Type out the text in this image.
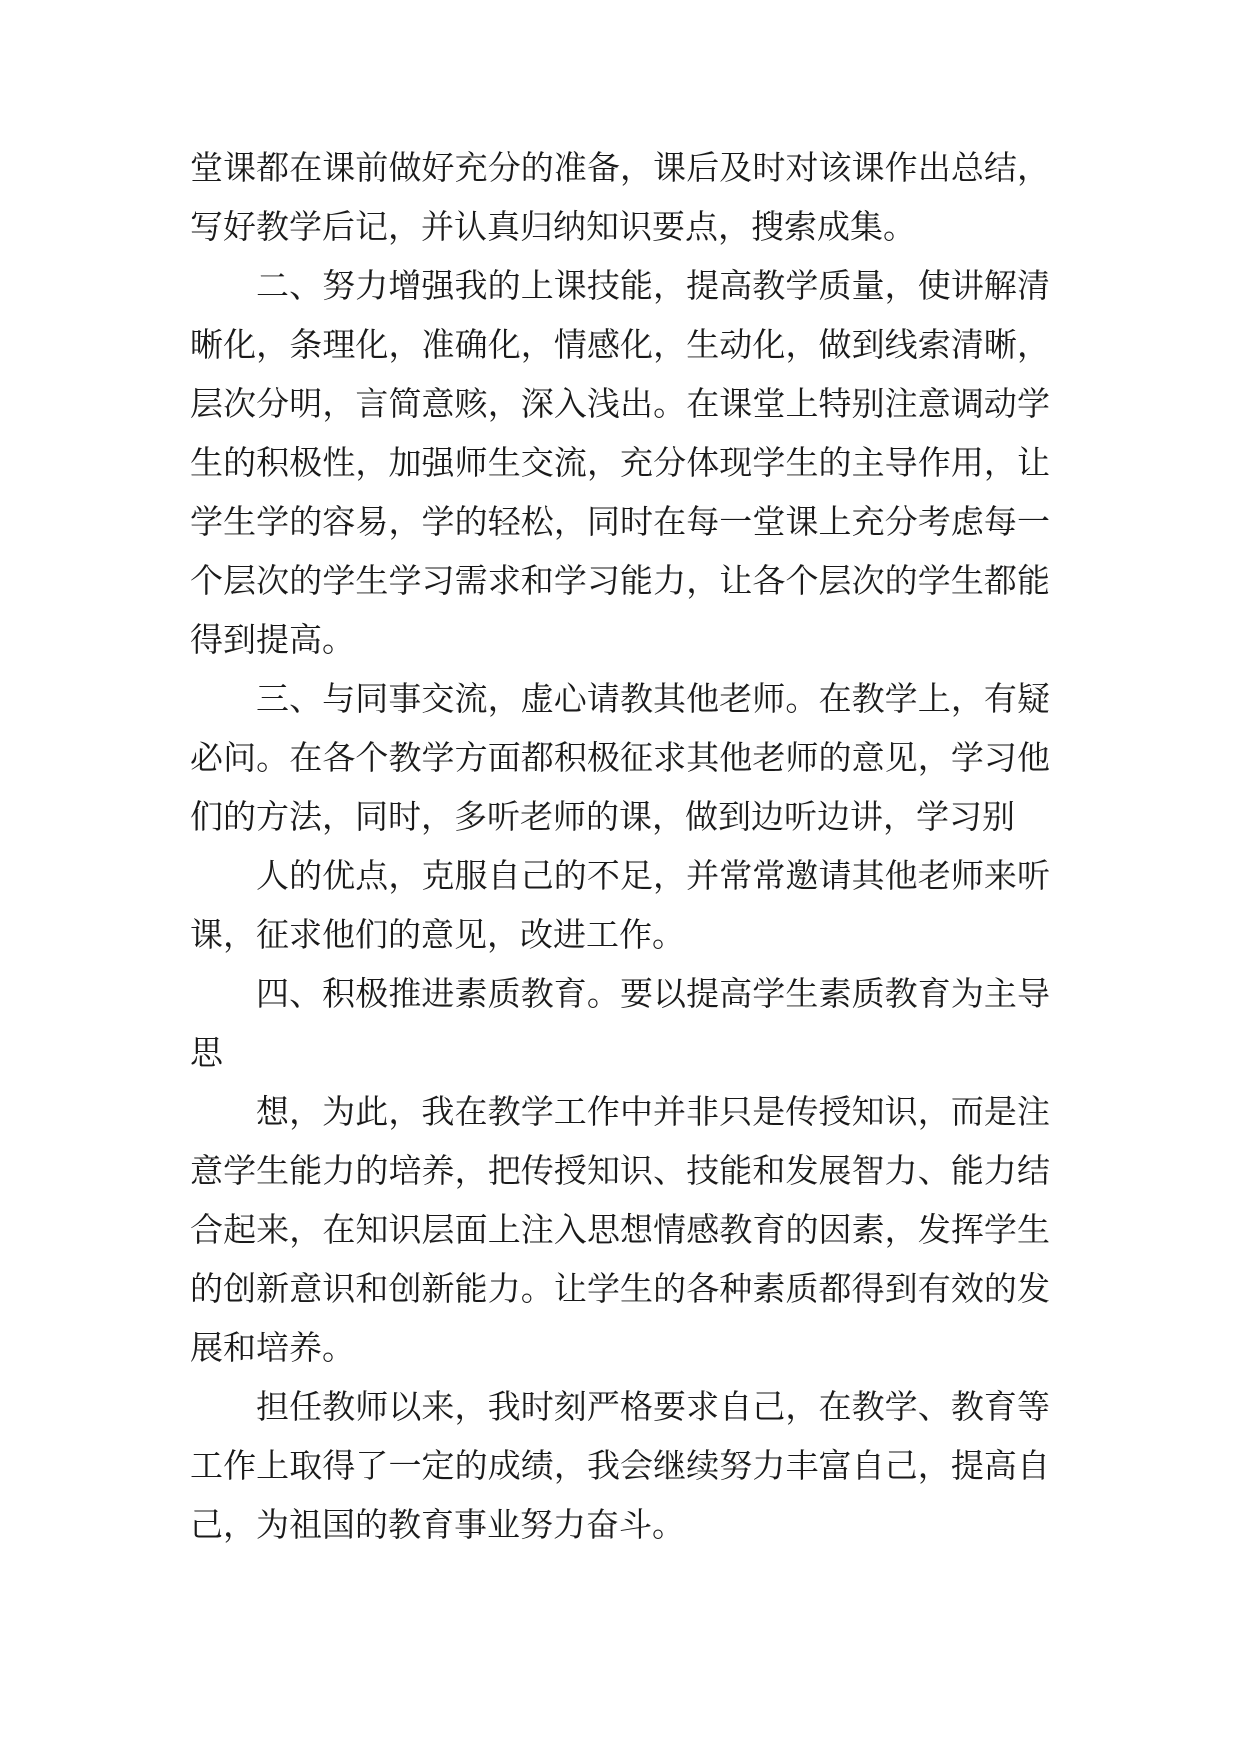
堂课都在课前做好充分的准备，课后及时对该课作出总结，

写好教学后记，并认真归纳知识要点，搜索成集。

二、努力增强我的上课技能，提高教学质量，使讲解清

晰化，条理化，准确化，情感化，生动化，做到线索清晰，

层次分明，言简意赅，深入浅出。在课堂上特别注意调动学

生的积极性，加强师生交流，充分体现学生的主导作用，让

学生学的容易，学的轻松，同时在每一堂课上充分考虑每一

个层次的学生学习需求和学习能力，让各个层次的学生都能

得到提高。

三、与同事交流，虚心请教其他老师。在教学上，有疑

必问。在各个教学方面都积极征求其他老师的意见，学习他

们的方法，同时，多听老师的课，做到边听边讲，学习别

人的优点，克服自己的不足，并常常邀请其他老师来听

课，征求他们的意见，改进工作。

四、积极推进素质教育。要以提高学生素质教育为主导

思

想，为此，我在教学工作中并非只是传授知识，而是注

意学生能力的培养，把传授知识、技能和发展智力、能力结

合起来，在知识层面上注入思想情感教育的因素，发挥学生

的创新意识和创新能力。让学生的各种素质都得到有效的发

展和培养。

担任教师以来，我时刻严格要求自己，在教学、教育等

工作上取得了一定的成绩，我会继续努力丰富自己，提高自

己，为祖国的教育事业努力奋斗。
